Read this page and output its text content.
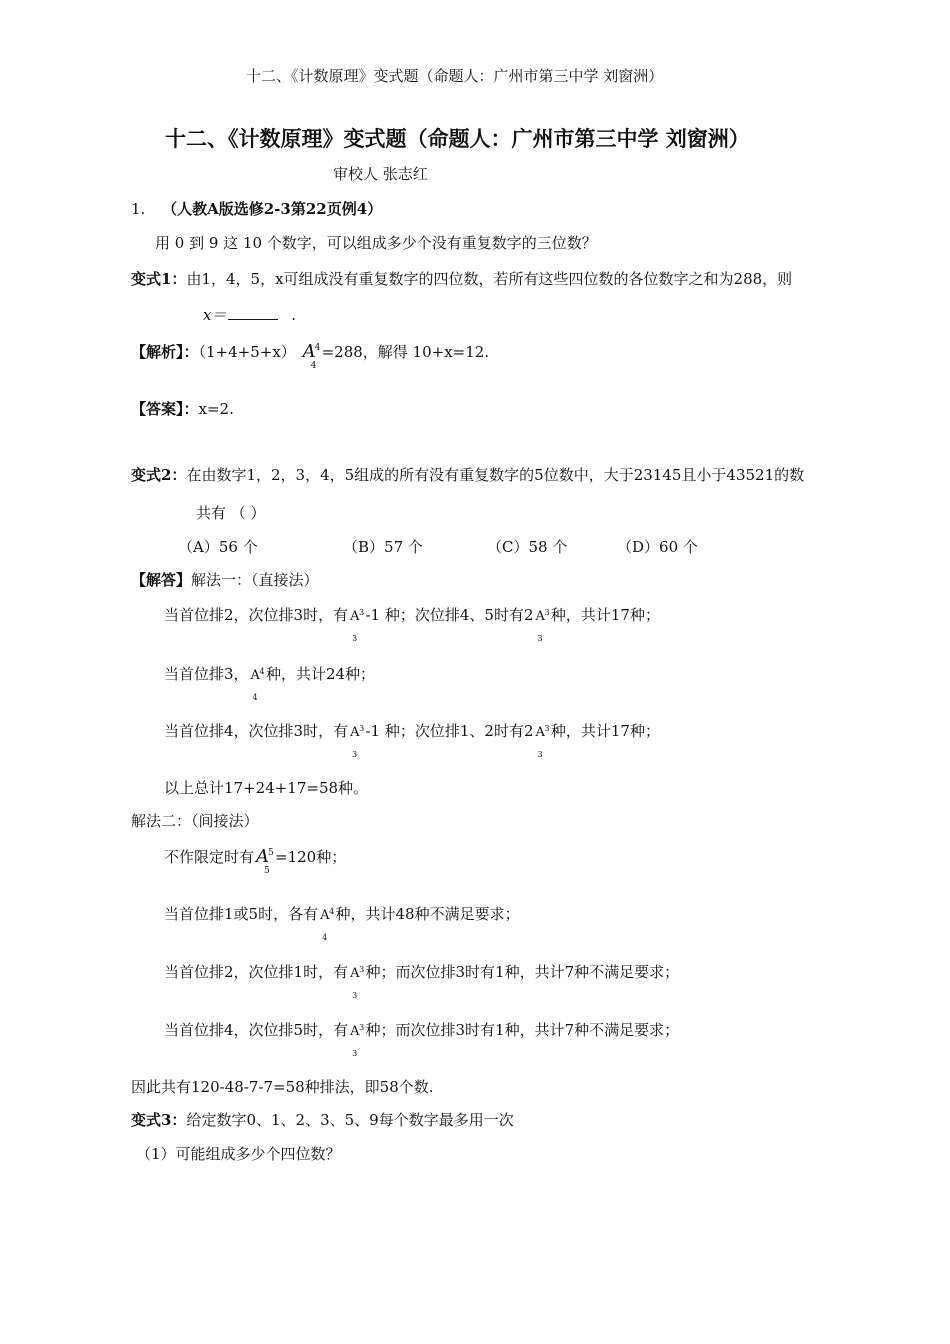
十二、《计数原理》变式题（命题人：广州市第三中学 刘窗洲）
十二、《计数原理》变式题（命题人：广州市第三中学 刘窗洲）
审校人 张志红
1. （人教A版选修2-3第22页例4）
用 0 到 9 这 10 个数字，可以组成多少个没有重复数字的三位数？
变式1：由1，4，5，x可组成没有重复数字的四位数，若所有这些四位数的各位数字之和为288，则
x＝	.
【解析】：（1+4+5+x） A 4
4
=288，解得 10+x=12.
【答案】：x=2.
变式2：在由数字1，2，3，4，5组成的所有没有重复数字的5位数中，大于23145且小于43521的数
共有 （ ）
（A）56 个	（B）57 个	（C）58 个	（D）60 个
【解答】解法一：（直接法）
当首位排2，次位排3时，有 A 3
3
-1 种；次位排4、5时有2 A 3
3
种，共计17种；
当首位排3， A 4
4
种，共计24种；
当首位排4，次位排3时，有 A 3
3
-1 种；次位排1、2时有2 A 3
3
种，共计17种；
以上总计17+24+17=58种。
解法二：（间接法）
不作限定时有 A 5
5
=120种；
当首位排1或5时，各有 A 4
4
种，共计48种不满足要求；
当首位排2，次位排1时，有 A 3
3
种；而次位排3时有1种，共计7种不满足要求；
当首位排4，次位排5时，有 A 3
3
种；而次位排3时有1种，共计7种不满足要求；
因此共有120-48-7-7=58种排法，即58个数.
变式3：给定数字0、1、2、3、5、9每个数字最多用一次
（1）可能组成多少个四位数？
